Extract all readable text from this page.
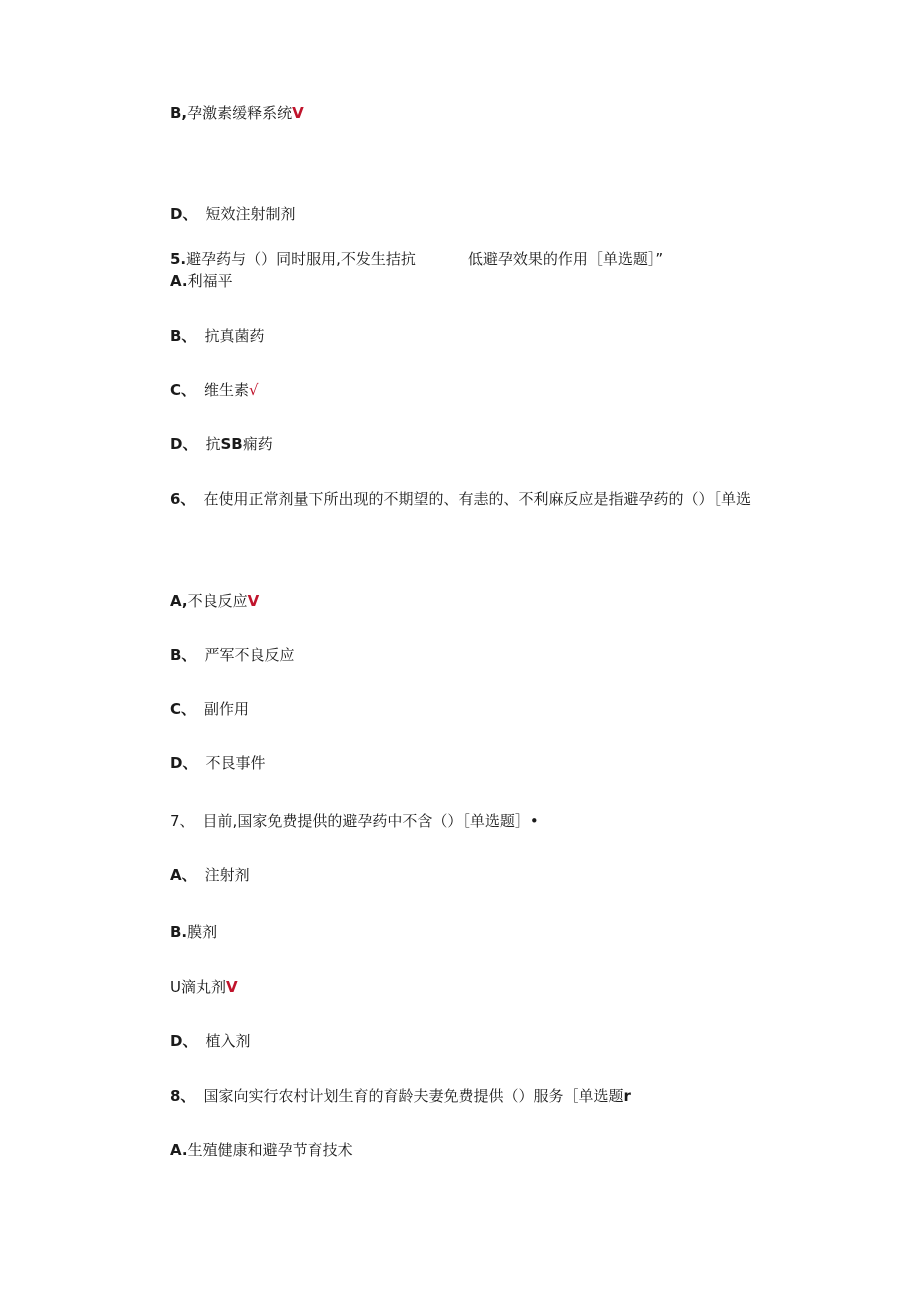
B,孕激素缓释系统V
D、 短效注射制剂
5.避孕药与（）同时服用,不发生拮抗	低避孕效果的作用［单选题］”
A.利福平
B、 抗真菌药
C、 维生素√
D、 抗SB痫药
6、 在使用正常剂量下所出现的不期望的、有恚的、不利麻反应是指避孕药的（）［单选
A,不良反应V
B、 严军不良反应
C、 副作用
D、 不艮事件
7、 目前,国家免费提供的避孕药中不含（）［单选题］•
A、 注射剂
B.膜剂
U滴丸剂V
D、 植入剂
8、 国家向实行农村计划生育的育龄夫妻免费提供（）服务［单选题r
A.生殖健康和避孕节育技术
